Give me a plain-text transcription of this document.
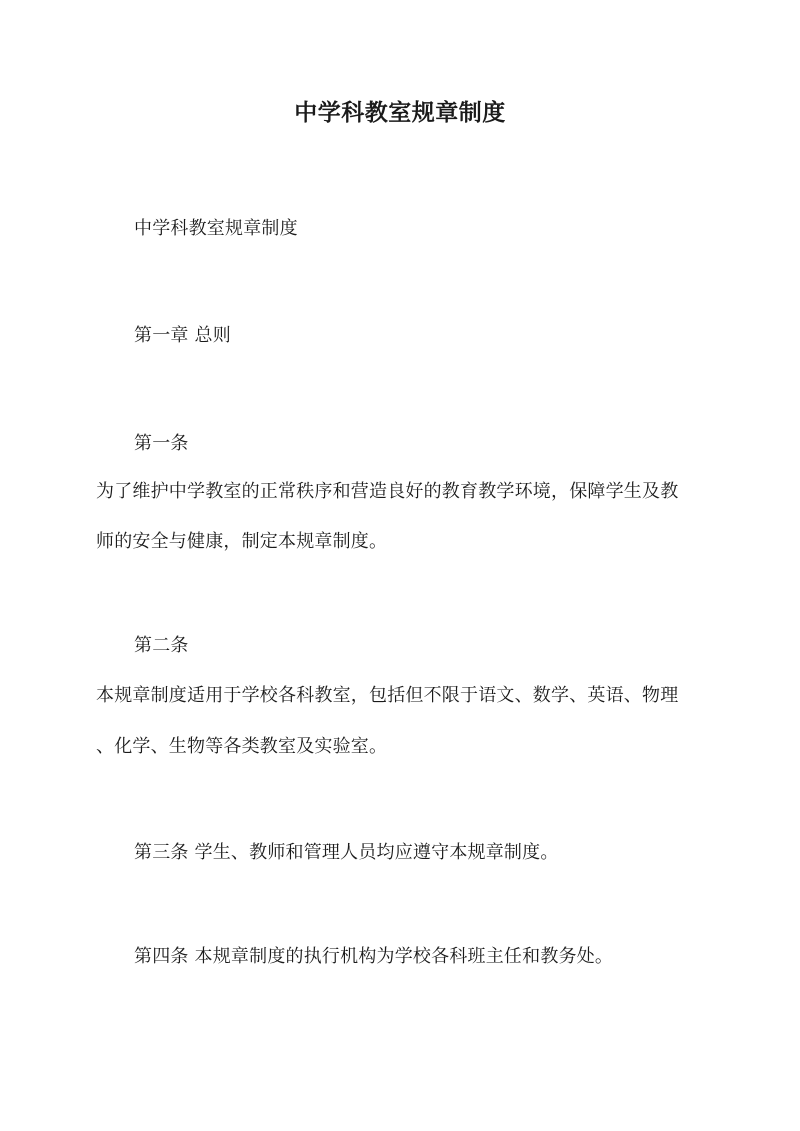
中学科教室规章制度
中学科教室规章制度
第一章 总则
第一条
为了维护中学教室的正常秩序和营造良好的教育教学环境，保障学生及教
师的安全与健康，制定本规章制度。
第二条
本规章制度适用于学校各科教室，包括但不限于语文、数学、英语、物理
、化学、生物等各类教室及实验室。
第三条 学生、教师和管理人员均应遵守本规章制度。
第四条 本规章制度的执行机构为学校各科班主任和教务处。
